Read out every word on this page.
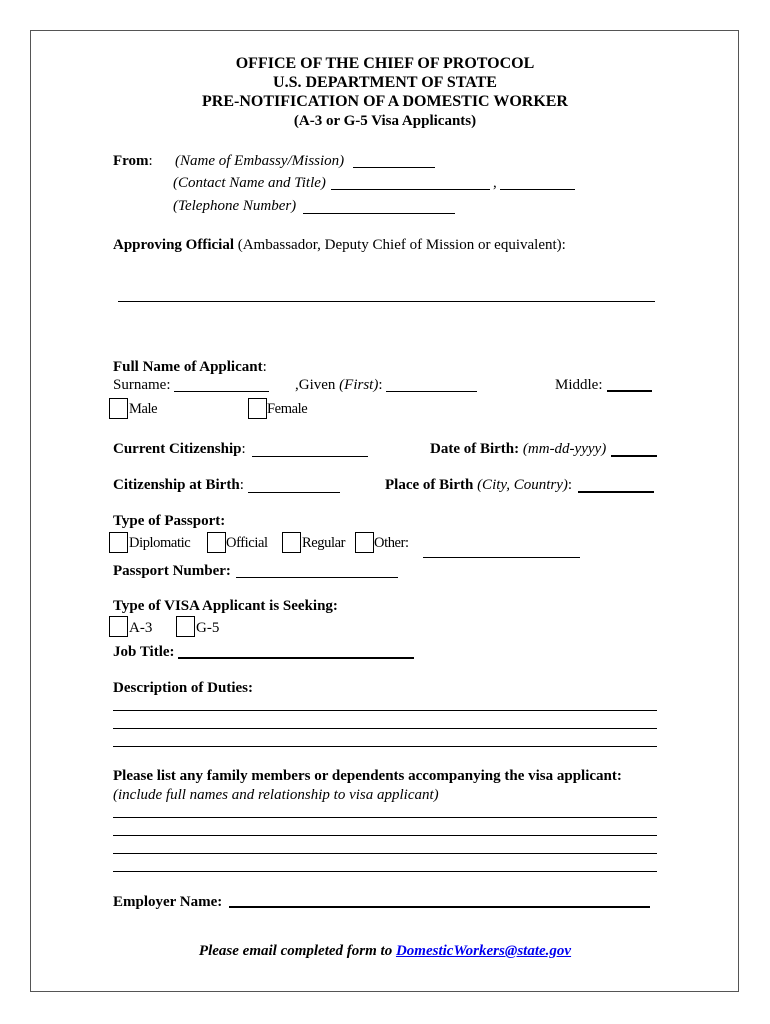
OFFICE OF THE CHIEF OF PROTOCOL
U.S. DEPARTMENT OF STATE
PRE-NOTIFICATION OF A DOMESTIC WORKER
(A-3 or G-5 Visa Applicants)
From: (Name of Embassy/Mission)
(Contact Name and Title)	,
(Telephone Number)
Approving Official (Ambassador, Deputy Chief of Mission or equivalent):
Full Name of Applicant:
Surname:	,Given (First):	Middle:
Male	Female
Current Citizenship:	Date of Birth: (mm-dd-yyyy)
Citizenship at Birth:	Place of Birth (City, Country):
Type of Passport:
Diplomatic Official Regular Other:
Passport Number:
Type of VISA Applicant is Seeking:
A-3	G-5
Job Title:
Description of Duties:
Please list any family members or dependents accompanying the visa applicant:
(include full names and relationship to visa applicant)
Employer Name:
Please email completed form to DomesticWorkers@state.gov
